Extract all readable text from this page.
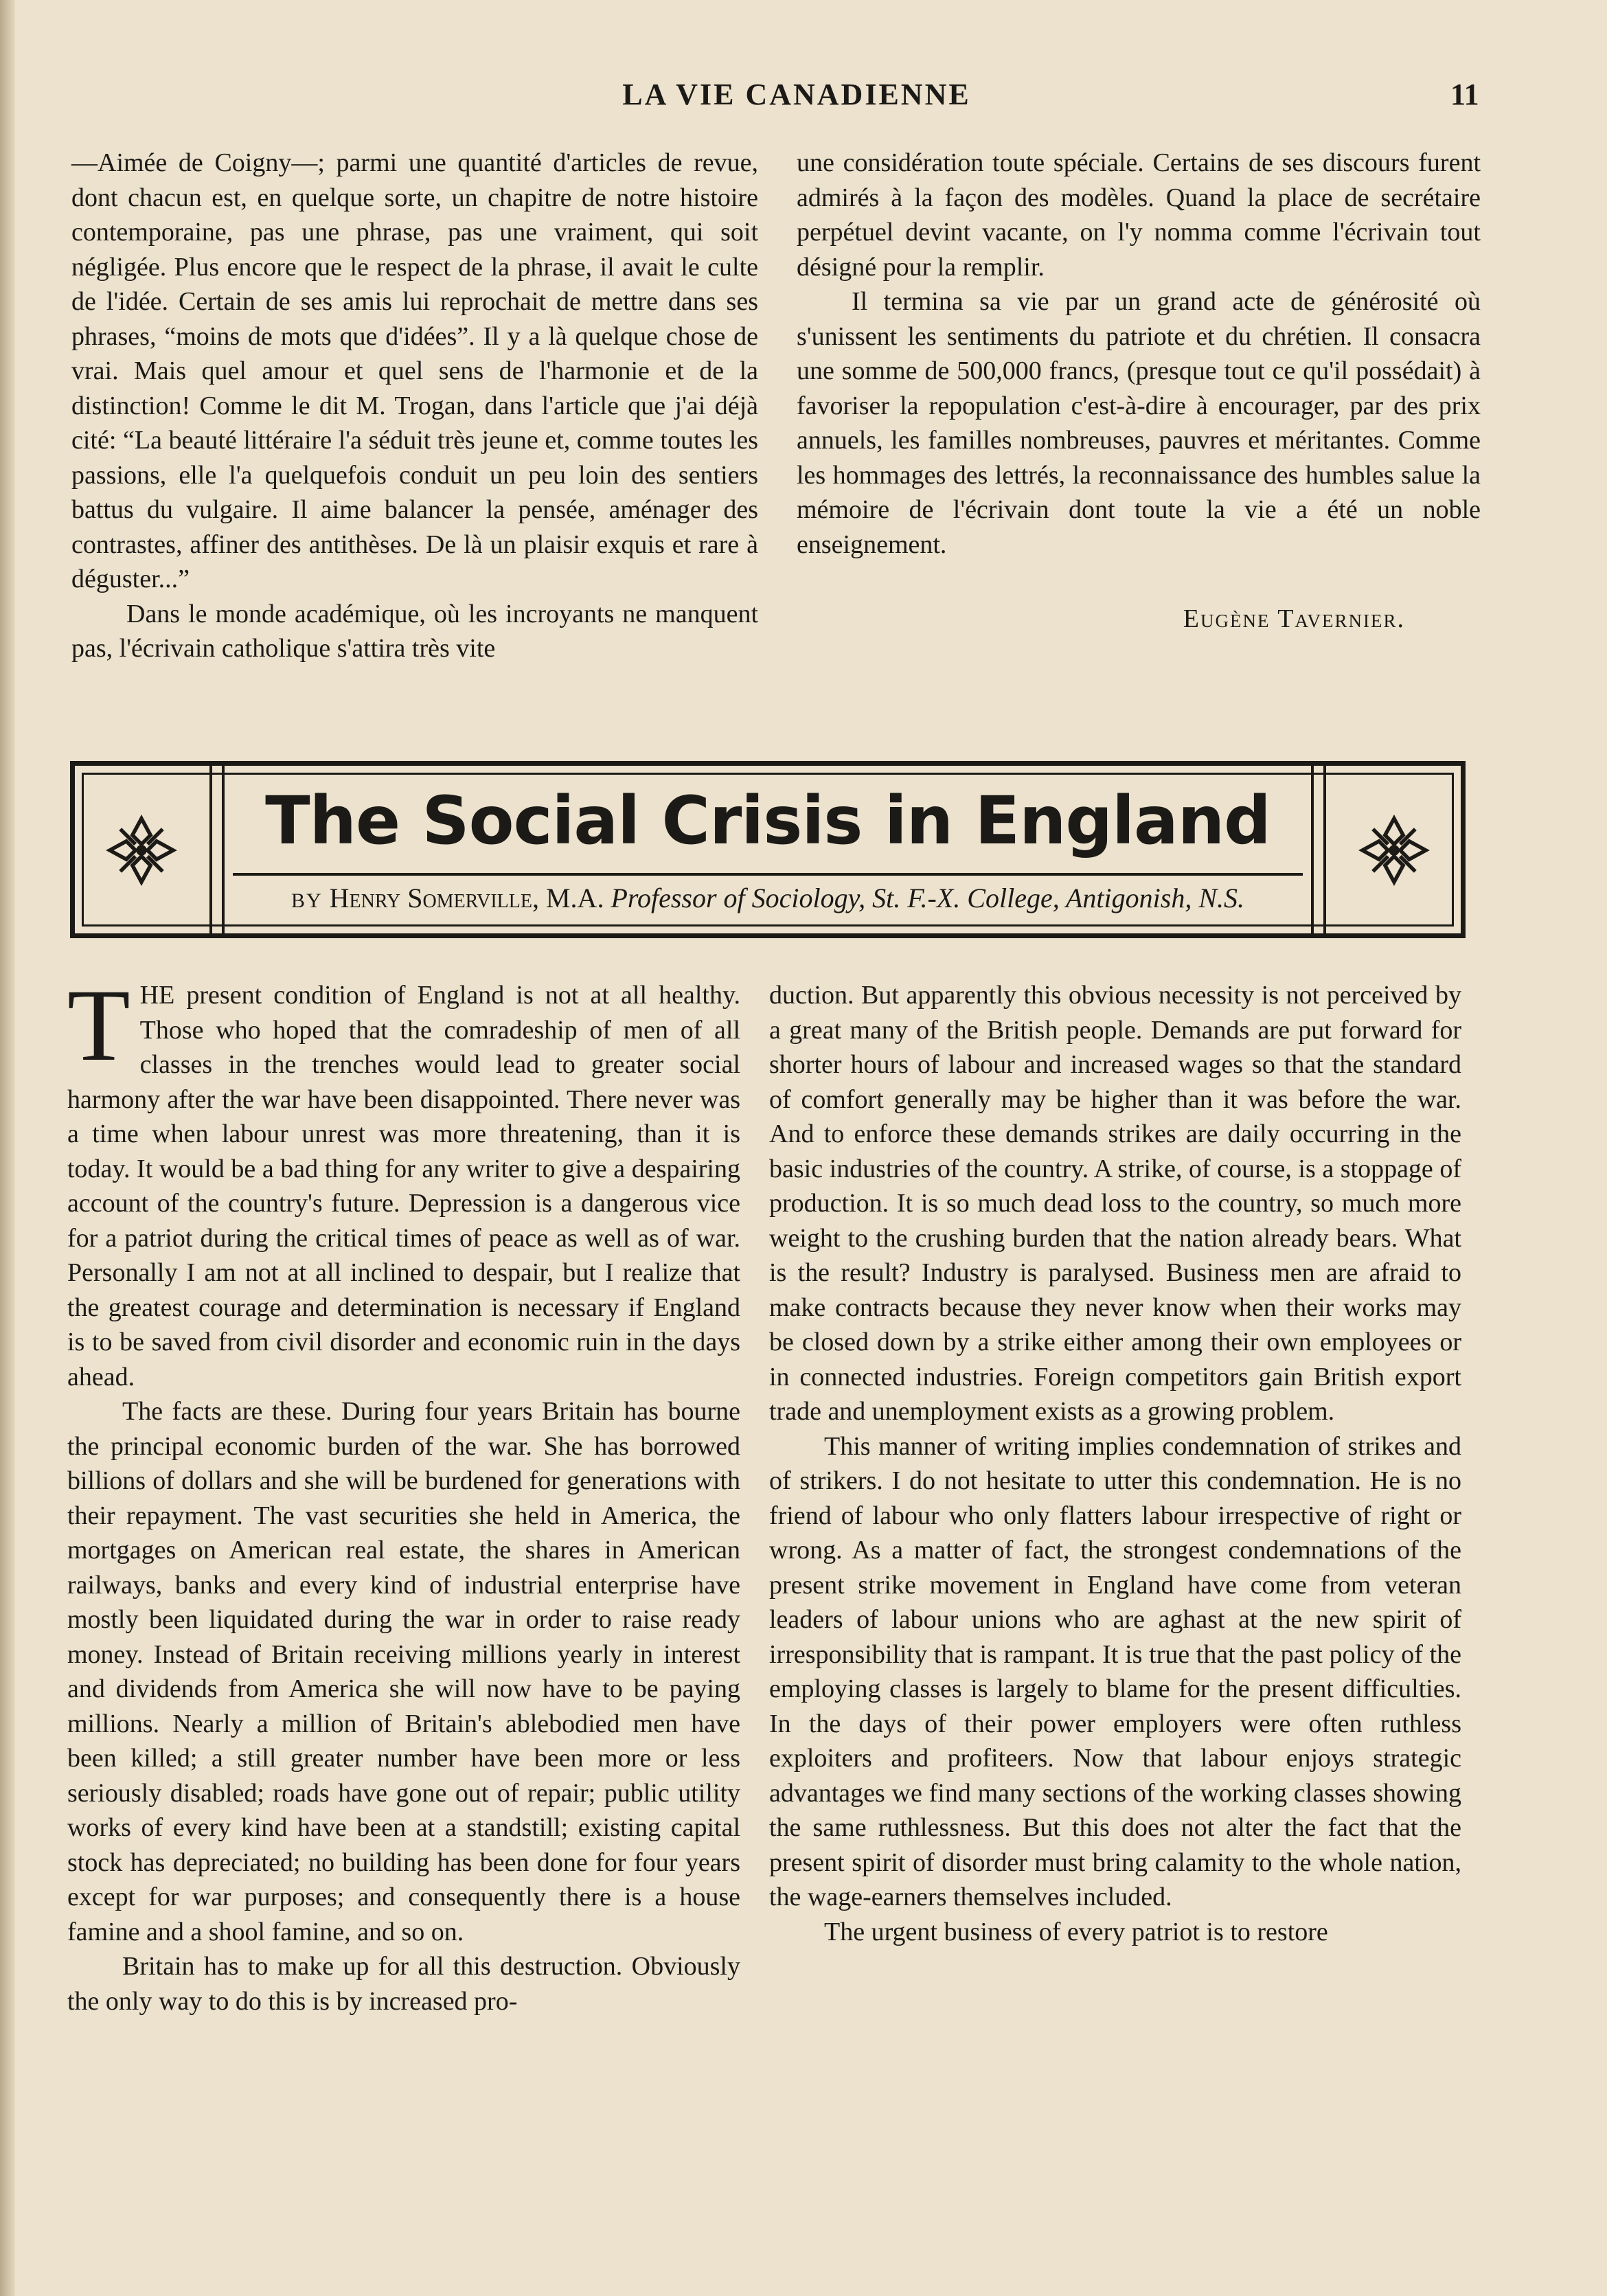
LA VIE CANADIENNE	11

—Aimée de Coigny—; parmi une quantité d'articles de revue, dont chacun est, en quelque sorte, un chapitre de notre histoire contemporaine, pas une phrase, pas une vraiment, qui soit négligée. Plus encore que le respect de la phrase, il avait le culte de l'idée. Certain de ses amis lui reprochait de mettre dans ses phrases, “moins de mots que d'idées”. Il y a là quelque chose de vrai. Mais quel amour et quel sens de l'harmonie et de la distinction! Comme le dit M. Trogan, dans l'article que j'ai déjà cité: “La beauté littéraire l'a séduit très jeune et, comme toutes les passions, elle l'a quelquefois conduit un peu loin des sentiers battus du vulgaire. Il aime balancer la pensée, aménager des contrastes, affiner des antithèses. De là un plaisir exquis et rare à déguster...”

Dans le monde académique, où les incroyants ne manquent pas, l'écrivain catholique s'attira très vite

une considération toute spéciale. Certains de ses discours furent admirés à la façon des modèles. Quand la place de secrétaire perpétuel devint vacante, on l'y nomma comme l'écrivain tout désigné pour la remplir.

Il termina sa vie par un grand acte de générosité où s'unissent les sentiments du patriote et du chrétien. Il consacra une somme de 500,000 francs, (presque tout ce qu'il possédait) à favoriser la repopulation c'est-à-dire à encourager, par des prix annuels, les familles nombreuses, pauvres et méritantes. Comme les hommages des lettrés, la reconnaissance des humbles salue la mémoire de l'écrivain dont toute la vie a été un noble enseignement.

Eugène Tavernier.

The Social Crisis in England
BY Henry Somerville, M.A. Professor of Sociology, St. F.-X. College, Antigonish, N.S.

THE present condition of England is not at all healthy. Those who hoped that the comradeship of men of all classes in the trenches would lead to greater social harmony after the war have been disappointed. There never was a time when labour unrest was more threatening, than it is today. It would be a bad thing for any writer to give a despairing account of the country's future. Depression is a dangerous vice for a patriot during the critical times of peace as well as of war. Personally I am not at all inclined to despair, but I realize that the greatest courage and determination is necessary if England is to be saved from civil disorder and economic ruin in the days ahead.

The facts are these. During four years Britain has bourne the principal economic burden of the war. She has borrowed billions of dollars and she will be burdened for generations with their repayment. The vast securities she held in America, the mortgages on American real estate, the shares in American railways, banks and every kind of industrial enterprise have mostly been liquidated during the war in order to raise ready money. Instead of Britain receiving millions yearly in interest and dividends from America she will now have to be paying millions. Nearly a million of Britain's ablebodied men have been killed; a still greater number have been more or less seriously disabled; roads have gone out of repair; public utility works of every kind have been at a standstill; existing capital stock has depreciated; no building has been done for four years except for war purposes; and consequently there is a house famine and a shool famine, and so on.

Britain has to make up for all this destruction. Obviously the only way to do this is by increased pro-

duction. But apparently this obvious necessity is not perceived by a great many of the British people. Demands are put forward for shorter hours of labour and increased wages so that the standard of comfort generally may be higher than it was before the war. And to enforce these demands strikes are daily occurring in the basic industries of the country. A strike, of course, is a stoppage of production. It is so much dead loss to the country, so much more weight to the crushing burden that the nation already bears. What is the result? Industry is paralysed. Business men are afraid to make contracts because they never know when their works may be closed down by a strike either among their own employees or in connected industries. Foreign competitors gain British export trade and unemployment exists as a growing problem.

This manner of writing implies condemnation of strikes and of strikers. I do not hesitate to utter this condemnation. He is no friend of labour who only flatters labour irrespective of right or wrong. As a matter of fact, the strongest condemnations of the present strike movement in England have come from veteran leaders of labour unions who are aghast at the new spirit of irresponsibility that is rampant. It is true that the past policy of the employing classes is largely to blame for the present difficulties. In the days of their power employers were often ruthless exploiters and profiteers. Now that labour enjoys strategic advantages we find many sections of the working classes showing the same ruthlessness. But this does not alter the fact that the present spirit of disorder must bring calamity to the whole nation, the wage-earners themselves included.

The urgent business of every patriot is to restore
